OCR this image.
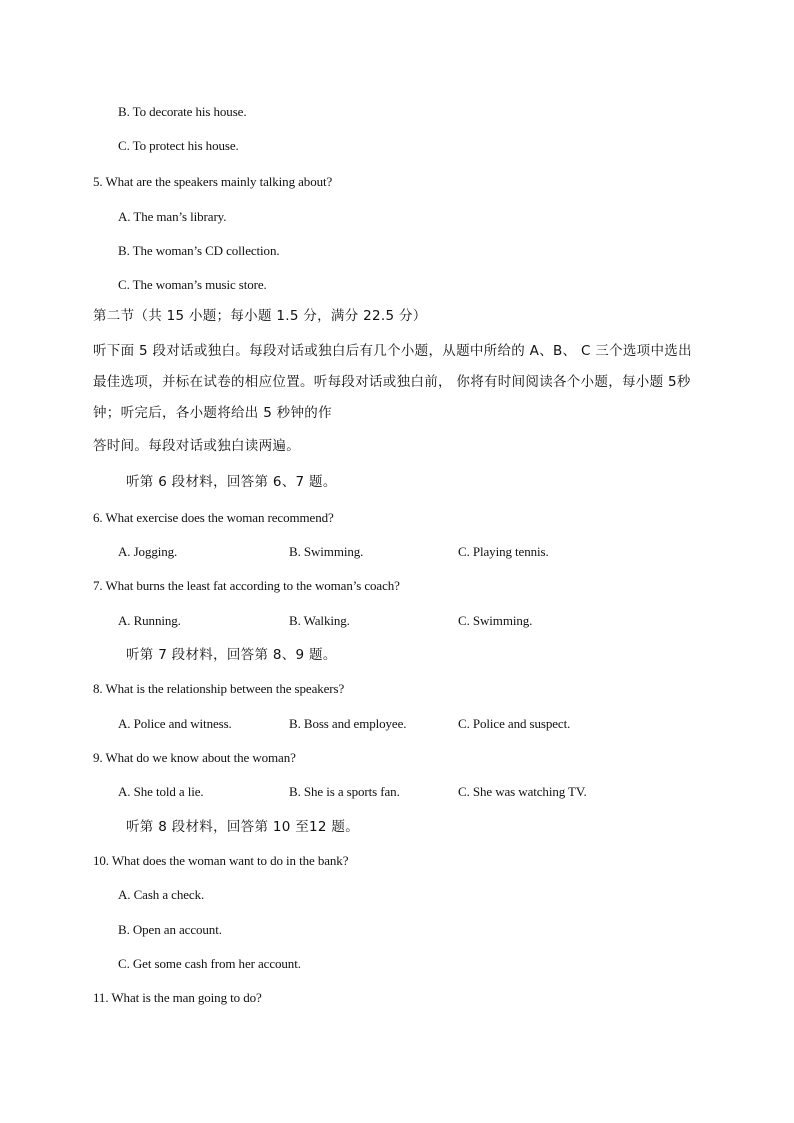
B. To decorate his house.
C. To protect his house.
5. What are the speakers mainly talking about?
A. The man’s library.
B. The woman’s CD collection.
C. The woman’s music store.
第二节（共 15 小题；每小题 1.5 分，满分 22.5 分）
听下面 5 段对话或独白。每段对话或独白后有几个小题，从题中所给的 A、B、 C 三个选项中选出
最佳选项，并标在试卷的相应位置。听每段对话或独白前， 你将有时间阅读各个小题，每小题 5秒
钟；听完后，各小题将给出 5 秒钟的作
答时间。每段对话或独白读两遍。
听第 6 段材料，回答第 6、7 题。
6. What exercise does the woman recommend?
A. Jogging.	B. Swimming.	C. Playing tennis.
7. What burns the least fat according to the woman’s coach?
A. Running.	B. Walking.	C. Swimming.
听第 7 段材料，回答第 8、9 题。
8. What is the relationship between the speakers?
A. Police and witness.	B. Boss and employee.	C. Police and suspect.
9. What do we know about the woman?
A. She told a lie.	B. She is a sports fan.	C. She was watching TV.
听第 8 段材料，回答第 10 至12 题。
10. What does the woman want to do in the bank?
A. Cash a check.
B. Open an account.
C. Get some cash from her account.
11. What is the man going to do?
